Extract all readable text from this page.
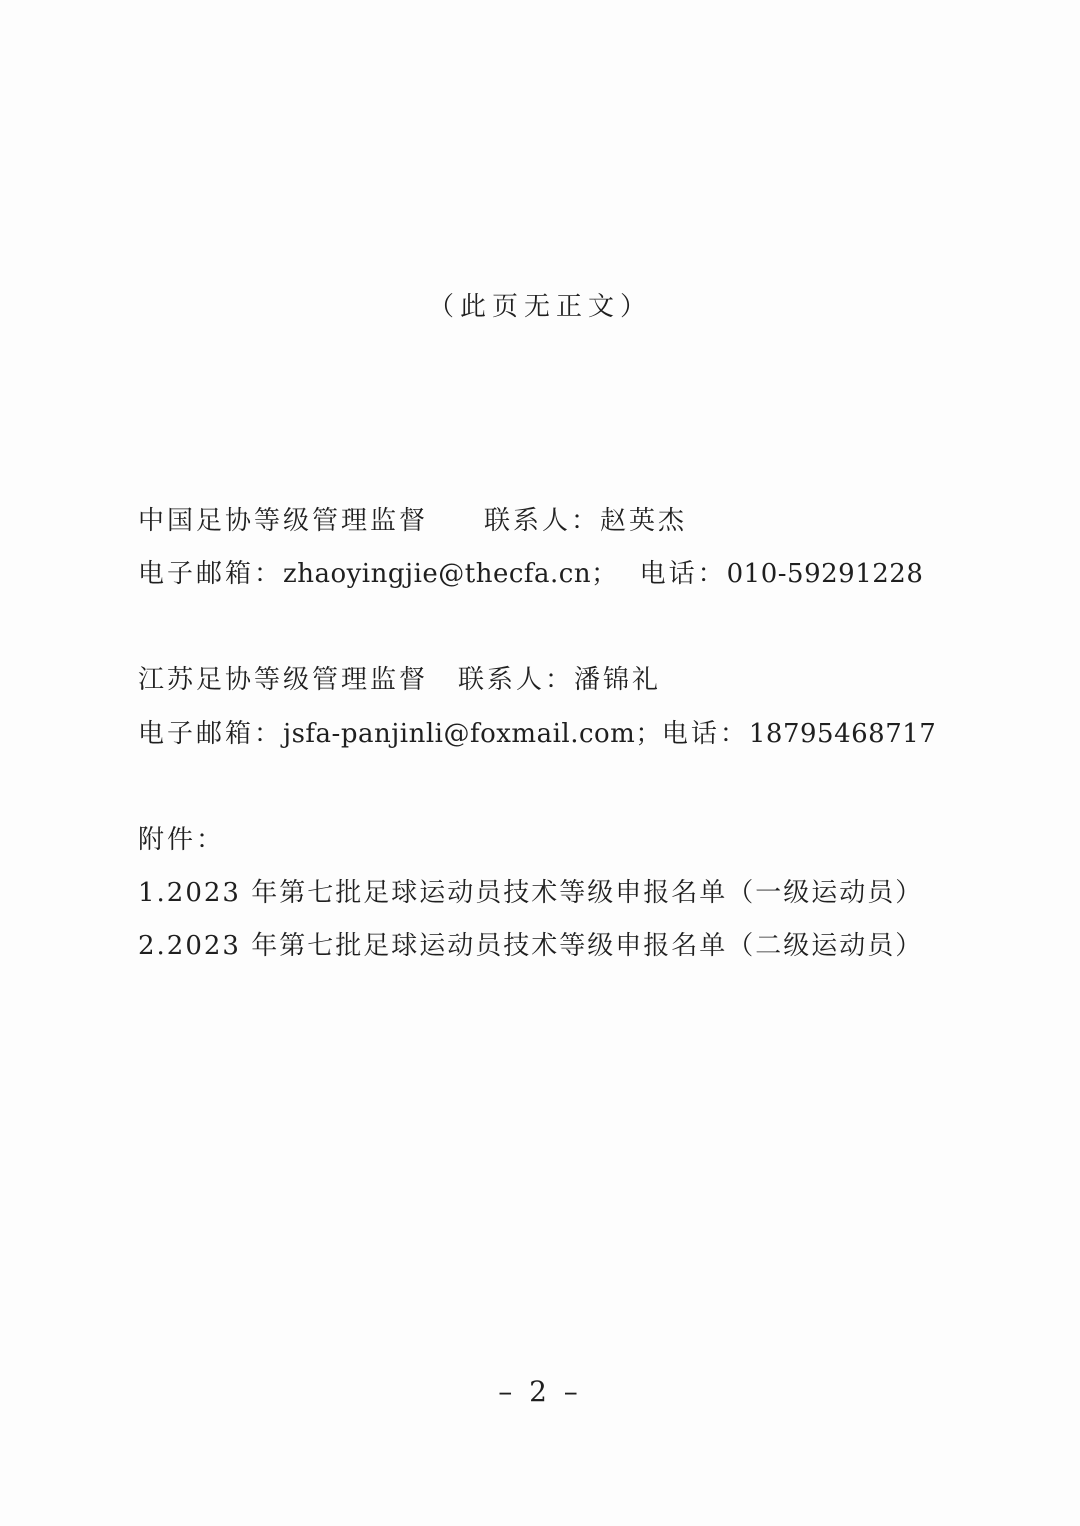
（此页无正文）
中国足协等级管理监督 联系人：赵英杰
电子邮箱：zhaoyingjie@thecfa.cn； 电话：010-59291228
江苏足协等级管理监督 联系人：潘锦礼
电子邮箱：jsfa-panjinli@foxmail.com；电话：18795468717
附件：
1.2023 年第七批足球运动员技术等级申报名单（一级运动员）
2.2023 年第七批足球运动员技术等级申报名单（二级运动员）
– 2 –
